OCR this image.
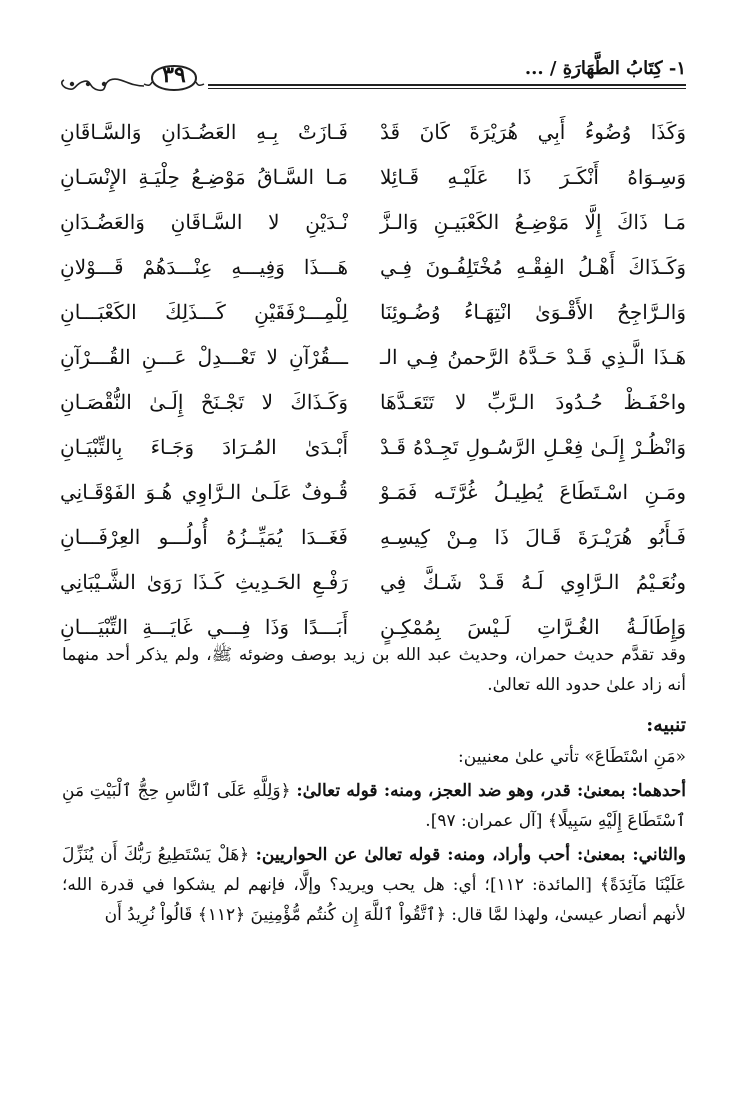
٣٩	١- كِتَابُ الطَّهَارَةِ / ...
وَكَذَا وُضُوءُ أَبِي هُرَيْرَةَ كَانَ قَدْ
فَـازَتْ بِـهِ العَضُـدَانِ وَالسَّـاقَانِ
وَسِـوَاهُ أَنْكَـرَ ذَا عَلَيْـهِ قَـائِلا
مَـا السَّـاقُ مَوْضِـعُ حِلْيَـةِ الإِنْسَـانِ
مَـا ذَاكَ إِلَّا مَوْضِـعُ الكَعْبَيـنِ وَالـزَّ
نْـدَيْنِ لا السَّـاقَانِ وَالعَضُـدَانِ
وَكَـذَاكَ أَهْـلُ الفِقْـهِ مُخْتَلِفُـونَ فِـي
هَـــذَا وَفِيـــهِ عِنْـــدَهُمْ قَـــوْلانِ
وَالـرَّاجِحُ الأَقْـوَىٰ انْتِهَـاءُ وُضُـوئِنَا
لِلْمِـــرْفَقَيْنِ كَـــذَلِكَ الكَعْبَـــانِ
هَـذَا الَّـذِي قَـدْ حَـدَّهُ الرَّحمنُ فِـي الـ
ـــقُرْآنِ لا تَعْـــدِلْ عَـــنِ القُـــرْآنِ
واحْفَـظْ حُـدُودَ الـرَّبِّ لا تَتَعَـدَّهَا
وَكَـذَاكَ لا تَجْـنَحْ إِلَـىٰ النُّقْصَـانِ
وَانْظُـرْ إِلَـىٰ فِعْـلِ الرَّسُـولِ تَجِـدْهُ قَـدْ
أَبْـدَىٰ المُـرَادَ وَجَـاءَ بِالتِّبْيَـانِ
ومَـنِ اسْـتَطَاعَ يُطِيـلُ غُرَّتَـه فَمَـوْ
قُـوفٌ عَلَـىٰ الـرَّاوِي هُـوَ الفَوْقَـانِي
فَـأَبُو هُرَيْـرَةَ قَـالَ ذَا مِـنْ كِيسِـهِ
فَغَــدَا يُمَيِّــزُهُ أُولُـــو العِرْفَـــانِ
ونُعَـيْمُ الـرَّاوِي لَـهُ قَـدْ شَـكَّ فِي
رَفْـعِ الحَـدِيثِ كَـذَا رَوَىٰ الشَّـيْبَانِي
وَإِطَالَـةُ الغُـرَّاتِ لَـيْسَ بِمُمْكِـنٍ
أَبَـــدًا وَذَا فِـــي غَايَـــةِ التِّبْيَـــانِ

وقد تقدَّم حديث حمران، وحديث عبد الله بن زيد بوصف وضوئه ﷺ، ولم يذكر أحد منهما أنه زاد علىٰ حدود الله تعالىٰ.

تنبيه:

«مَنِ اسْتَطَاعَ» تأتي علىٰ معنيين:

أحدهما: بمعنىٰ: قدر، وهو ضد العجز، ومنه: قوله تعالىٰ: ﴿وَلِلَّهِ عَلَى ٱلنَّاسِ حِجُّ ٱلْبَيْتِ مَنِ ٱسْتَطَاعَ إِلَيْهِ سَبِيلًا﴾ [آل عمران: ٩٧].

والثاني: بمعنىٰ: أحب وأراد، ومنه: قوله تعالىٰ عن الحواريين: ﴿هَلْ يَسْتَطِيعُ رَبُّكَ أَن يُنَزِّلَ عَلَيْنَا مَآئِدَةً﴾ [المائدة: ١١٢]؛ أي: هل يحب ويريد؟ وإلَّا، فإنهم لم يشكوا في قدرة الله؛ لأنهم أنصار عيسىٰ، ولهذا لمَّا قال: ﴿ٱتَّقُواْ ٱللَّهَ إِن كُنتُم مُّؤْمِنِينَ ﴿١١٢﴾ قَالُواْ نُرِيدُ أَن
